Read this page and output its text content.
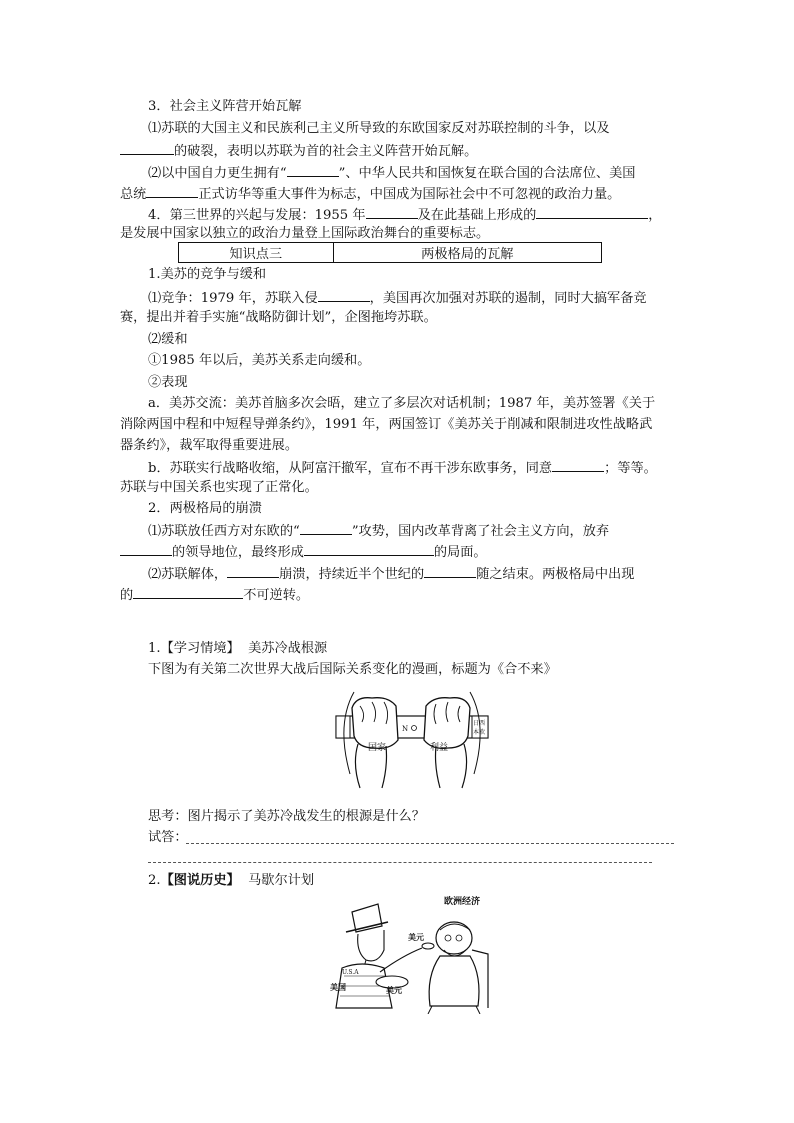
3．社会主义阵营开始瓦解
⑴苏联的大国主义和民族利己主义所导致的东欧国家反对苏联控制的斗争，以及
的破裂，表明以苏联为首的社会主义阵营开始瓦解。
⑵以中国自力更生拥有“	”、中华人民共和国恢复在联合国的合法席位、美国
总统	正式访华等重大事件为标志，中国成为国际社会中不可忽视的政治力量。
4．第三世界的兴起与发展：1955 年	及在此基础上形成的	，
是发展中国家以独立的政治力量登上国际政治舞台的重要标志。
知识点三	两极格局的瓦解
1.美苏的竞争与缓和
⑴竞争：1979 年，苏联入侵	，美国再次加强对苏联的遏制，同时大搞军备竞
赛，提出并着手实施“战略防御计划”，企图拖垮苏联。
⑵缓和
①1985 年以后，美苏关系走向缓和。
②表现
a．美苏交流：美苏首脑多次会晤，建立了多层次对话机制；1987 年，美苏签署《关于
消除两国中程和中短程导弹条约》，1991 年，两国签订《美苏关于削减和限制进攻性战略武
器条约》，裁军取得重要进展。
b．苏联实行战略收缩，从阿富汗撤军，宣布不再干涉东欧事务，同意	；等等。
苏联与中国关系也实现了正常化。
2．两极格局的崩溃
⑴苏联放任西方对东欧的“	”攻势，国内改革背离了社会主义方向，放弃
的领导地位，最终形成	的局面。
⑵苏联解体，	崩溃，持续近半个世纪的	随之结束。两极格局中出现
的	不可逆转。
1.【学习情境】 美苏冷战根源
下图为有关第二次世界大战后国际关系变化的漫画，标题为《合不来》
N
国家	利益
日西
本欧
思考：图片揭示了美苏冷战发生的根源是什么？
试答：
2.【图说历史】 马歇尔计划
欧洲经济
美元
美元
U.S.A
美国
